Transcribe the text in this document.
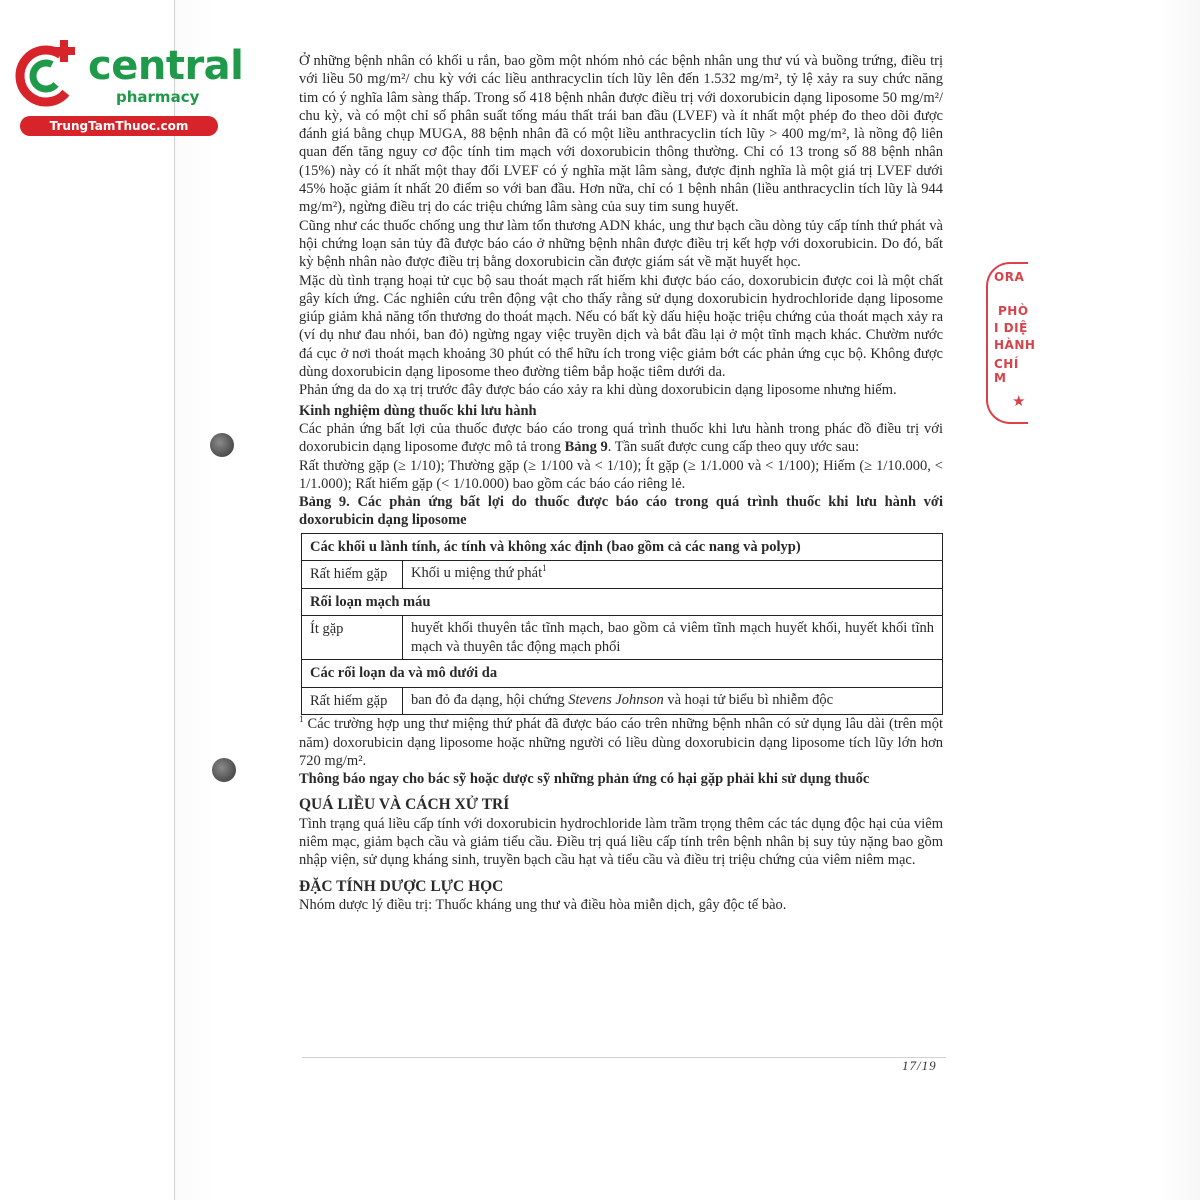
central
pharmacy
TrungTamThuoc.com
ORA
PHÒ
I DIỆ
HÀNH
CHÍ M
★

Ở những bệnh nhân có khối u rắn, bao gồm một nhóm nhỏ các bệnh nhân ung thư vú và buồng trứng, điều trị với liều 50 mg/m²/ chu kỳ với các liều anthracyclin tích lũy lên đến 1.532 mg/m², tỷ lệ xảy ra suy chức năng tim có ý nghĩa lâm sàng thấp. Trong số 418 bệnh nhân được điều trị với doxorubicin dạng liposome 50 mg/m²/ chu kỳ, và có một chỉ số phân suất tống máu thất trái ban đầu (LVEF) và ít nhất một phép đo theo dõi được đánh giá bằng chụp MUGA, 88 bệnh nhân đã có một liều anthracyclin tích lũy > 400 mg/m², là nồng độ liên quan đến tăng nguy cơ độc tính tim mạch với doxorubicin thông thường. Chỉ có 13 trong số 88 bệnh nhân (15%) này có ít nhất một thay đổi LVEF có ý nghĩa mặt lâm sàng, được định nghĩa là một giá trị LVEF dưới 45% hoặc giảm ít nhất 20 điểm so với ban đầu. Hơn nữa, chỉ có 1 bệnh nhân (liều anthracyclin tích lũy là 944 mg/m²), ngừng điều trị do các triệu chứng lâm sàng của suy tim sung huyết.

Cũng như các thuốc chống ung thư làm tổn thương ADN khác, ung thư bạch cầu dòng tủy cấp tính thứ phát và hội chứng loạn sản tủy đã được báo cáo ở những bệnh nhân được điều trị kết hợp với doxorubicin. Do đó, bất kỳ bệnh nhân nào được điều trị bằng doxorubicin cần được giám sát về mặt huyết học.

Mặc dù tình trạng hoại tử cục bộ sau thoát mạch rất hiếm khi được báo cáo, doxorubicin được coi là một chất gây kích ứng. Các nghiên cứu trên động vật cho thấy rằng sử dụng doxorubicin hydrochloride dạng liposome giúp giảm khả năng tổn thương do thoát mạch. Nếu có bất kỳ dấu hiệu hoặc triệu chứng của thoát mạch xảy ra (ví dụ như đau nhói, ban đỏ) ngừng ngay việc truyền dịch và bắt đầu lại ở một tĩnh mạch khác. Chườm nước đá cục ở nơi thoát mạch khoảng 30 phút có thể hữu ích trong việc giảm bớt các phản ứng cục bộ. Không được dùng doxorubicin dạng liposome theo đường tiêm bắp hoặc tiêm dưới da.

Phản ứng da do xạ trị trước đây được báo cáo xảy ra khi dùng doxorubicin dạng liposome nhưng hiếm.

Kinh nghiệm dùng thuốc khi lưu hành

Các phản ứng bất lợi của thuốc được báo cáo trong quá trình thuốc khi lưu hành trong phác đồ điều trị với doxorubicin dạng liposome được mô tả trong Bảng 9. Tần suất được cung cấp theo quy ước sau:

Rất thường gặp (≥ 1/10); Thường gặp (≥ 1/100 và < 1/10); Ít gặp (≥ 1/1.000 và < 1/100); Hiếm (≥ 1/10.000, < 1/1.000); Rất hiếm gặp (< 1/10.000) bao gồm các báo cáo riêng lẻ.

Bảng 9. Các phản ứng bất lợi do thuốc được báo cáo trong quá trình thuốc khi lưu hành với doxorubicin dạng liposome

Các khối u lành tính, ác tính và không xác định (bao gồm cả các nang và polyp)	
Rất hiếm gặp	Khối u miệng thứ phát$^1$
Rối loạn mạch máu	
Ít gặp	huyết khối thuyên tắc tĩnh mạch, bao gồm cả viêm tĩnh mạch huyết khối, huyết khối tĩnh mạch và thuyên tắc động mạch phổi
Các rối loạn da và mô dưới da	
Rất hiếm gặp	ban đỏ đa dạng, hội chứng Stevens Johnson và hoại tử biểu bì nhiễm độc

$^1$ Các trường hợp ung thư miệng thứ phát đã được báo cáo trên những bệnh nhân có sử dụng lâu dài (trên một năm) doxorubicin dạng liposome hoặc những người có liều dùng doxorubicin dạng liposome tích lũy lớn hơn 720 mg/m².

Thông báo ngay cho bác sỹ hoặc dược sỹ những phản ứng có hại gặp phải khi sử dụng thuốc

QUÁ LIỀU VÀ CÁCH XỬ TRÍ

Tình trạng quá liều cấp tính với doxorubicin hydrochloride làm trầm trọng thêm các tác dụng độc hại của viêm niêm mạc, giảm bạch cầu và giảm tiểu cầu. Điều trị quá liều cấp tính trên bệnh nhân bị suy tủy nặng bao gồm nhập viện, sử dụng kháng sinh, truyền bạch cầu hạt và tiểu cầu và điều trị triệu chứng của viêm niêm mạc.

ĐẶC TÍNH DƯỢC LỰC HỌC

Nhóm dược lý điều trị: Thuốc kháng ung thư và điều hòa miễn dịch, gây độc tế bào.

17/19
